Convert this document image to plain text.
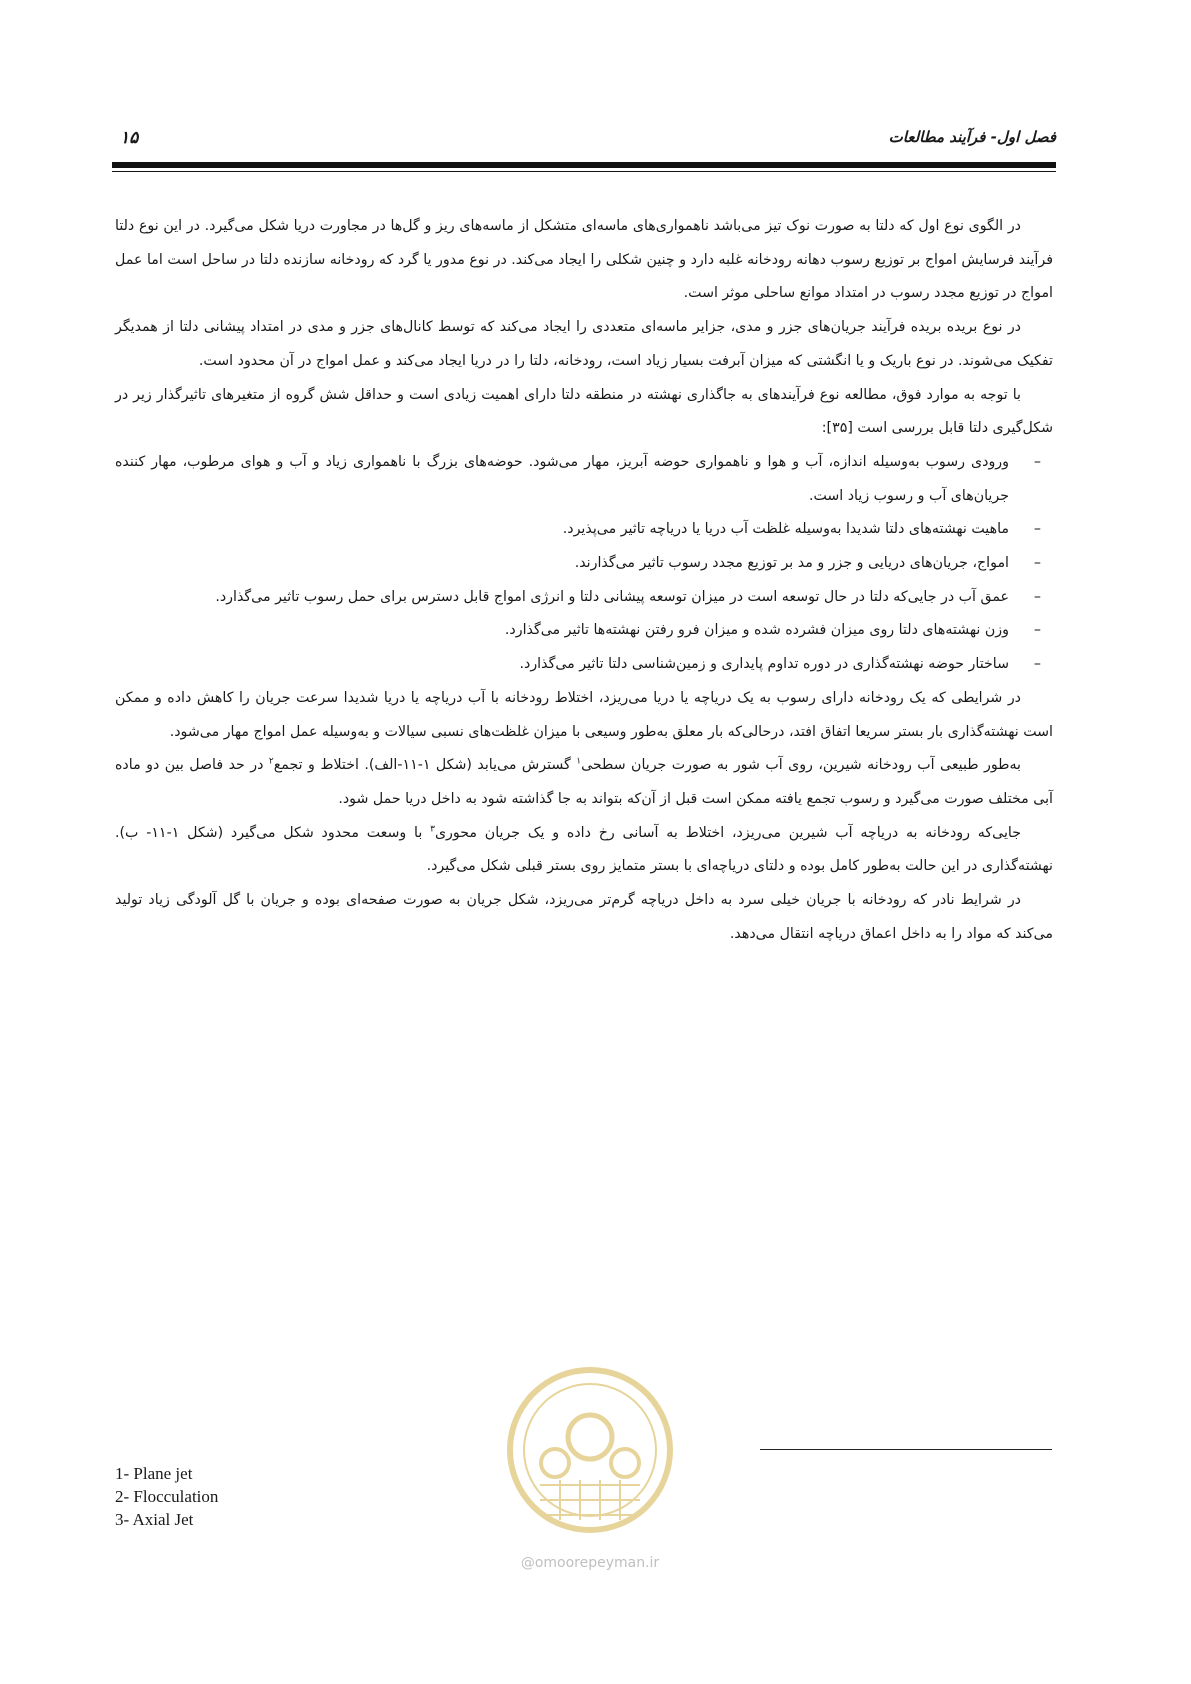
فصل اول- فرآیند مطالعات
۱۵

در الگوی نوع اول که دلتا به صورت نوک تیز می‌باشد ناهمواری‌های ماسه‌ای متشکل از ماسه‌های ریز و گل‌ها در مجاورت دریا شکل می‌گیرد. در این نوع دلتا فرآیند فرسایش امواج بر توزیع رسوب دهانه رودخانه غلبه دارد و چنین شکلی را ایجاد می‌کند. در نوع مدور یا گرد که رودخانه سازنده دلتا در ساحل است اما عمل امواج در توزیع مجدد رسوب در امتداد موانع ساحلی موثر است.

در نوع بریده بریده فرآیند جریان‌های جزر و مدی، جزایر ماسه‌ای متعددی را ایجاد می‌کند که توسط کانال‌های جزر و مدی در امتداد پیشانی دلتا از همدیگر تفکیک می‌شوند. در نوع باریک و یا انگشتی که میزان آبرفت بسیار زیاد است، رودخانه، دلتا را در دریا ایجاد می‌کند و عمل امواج در آن محدود است.

با توجه به موارد فوق، مطالعه نوع فرآیندهای به جاگذاری نهشته در منطقه دلتا دارای اهمیت زیادی است و حداقل شش گروه از متغیرهای تاثیرگذار زیر در شکل‌گیری دلتا قابل بررسی است [۳۵]:

–
ورودی رسوب به‌وسیله اندازه، آب و هوا و ناهمواری حوضه آبریز، مهار می‌شود. حوضه‌های بزرگ با ناهمواری زیاد و آب و هوای مرطوب، مهار کننده جریان‌های آب و رسوب زیاد است.
–
ماهیت نهشته‌های دلتا شدیدا به‌وسیله غلظت آب دریا یا دریاچه تاثیر می‌پذیرد.
–
امواج، جریان‌های دریایی و جزر و مد بر توزیع مجدد رسوب تاثیر می‌گذارند.
–
عمق آب در جایی‌که دلتا در حال توسعه است در میزان توسعه پیشانی دلتا و انرژی امواج قابل دسترس برای حمل رسوب تاثیر می‌گذارد.
–
وزن نهشته‌های دلتا روی میزان فشرده شده و میزان فرو رفتن نهشته‌ها تاثیر می‌گذارد.
–
ساختار حوضه نهشته‌گذاری در دوره تداوم پایداری و زمین‌شناسی دلتا تاثیر می‌گذارد.

در شرایطی که یک رودخانه دارای رسوب به یک دریاچه یا دریا می‌ریزد، اختلاط رودخانه با آب دریاچه یا دریا شدیدا سرعت جریان را کاهش داده و ممکن است نهشته‌گذاری بار بستر سریعا اتفاق افتد، درحالی‌که بار معلق به‌طور وسیعی با میزان غلظت‌های نسبی سیالات و به‌وسیله عمل امواج مهار می‌شود.

به‌طور طبیعی آب رودخانه شیرین، روی آب شور به صورت جریان سطحی$^۱$ گسترش می‌یابد (شکل ۱-۱۱-الف). اختلاط و تجمع$^۲$ در حد فاصل بین دو ماده آبی مختلف صورت می‌گیرد و رسوب تجمع یافته ممکن است قبل از آن‌که بتواند به جا گذاشته شود به داخل دریا حمل شود.

جایی‌که رودخانه به دریاچه آب شیرین می‌ریزد، اختلاط به آسانی رخ داده و یک جریان محوری$^۳$ با وسعت محدود شکل می‌گیرد (شکل ۱-۱۱- ب). نهشته‌گذاری در این حالت به‌طور کامل بوده و دلتای دریاچه‌ای با بستر متمایز روی بستر قبلی شکل می‌گیرد.

در شرایط نادر که رودخانه با جریان خیلی سرد به داخل دریاچه گرم‌تر می‌ریزد، شکل جریان به صورت صفحه‌ای بوده و جریان با گل آلودگی زیاد تولید می‌کند که مواد را به داخل اعماق دریاچه انتقال می‌دهد.

@omoorepeyman.ir
1- Plane jet
2- Flocculation
3- Axial Jet
